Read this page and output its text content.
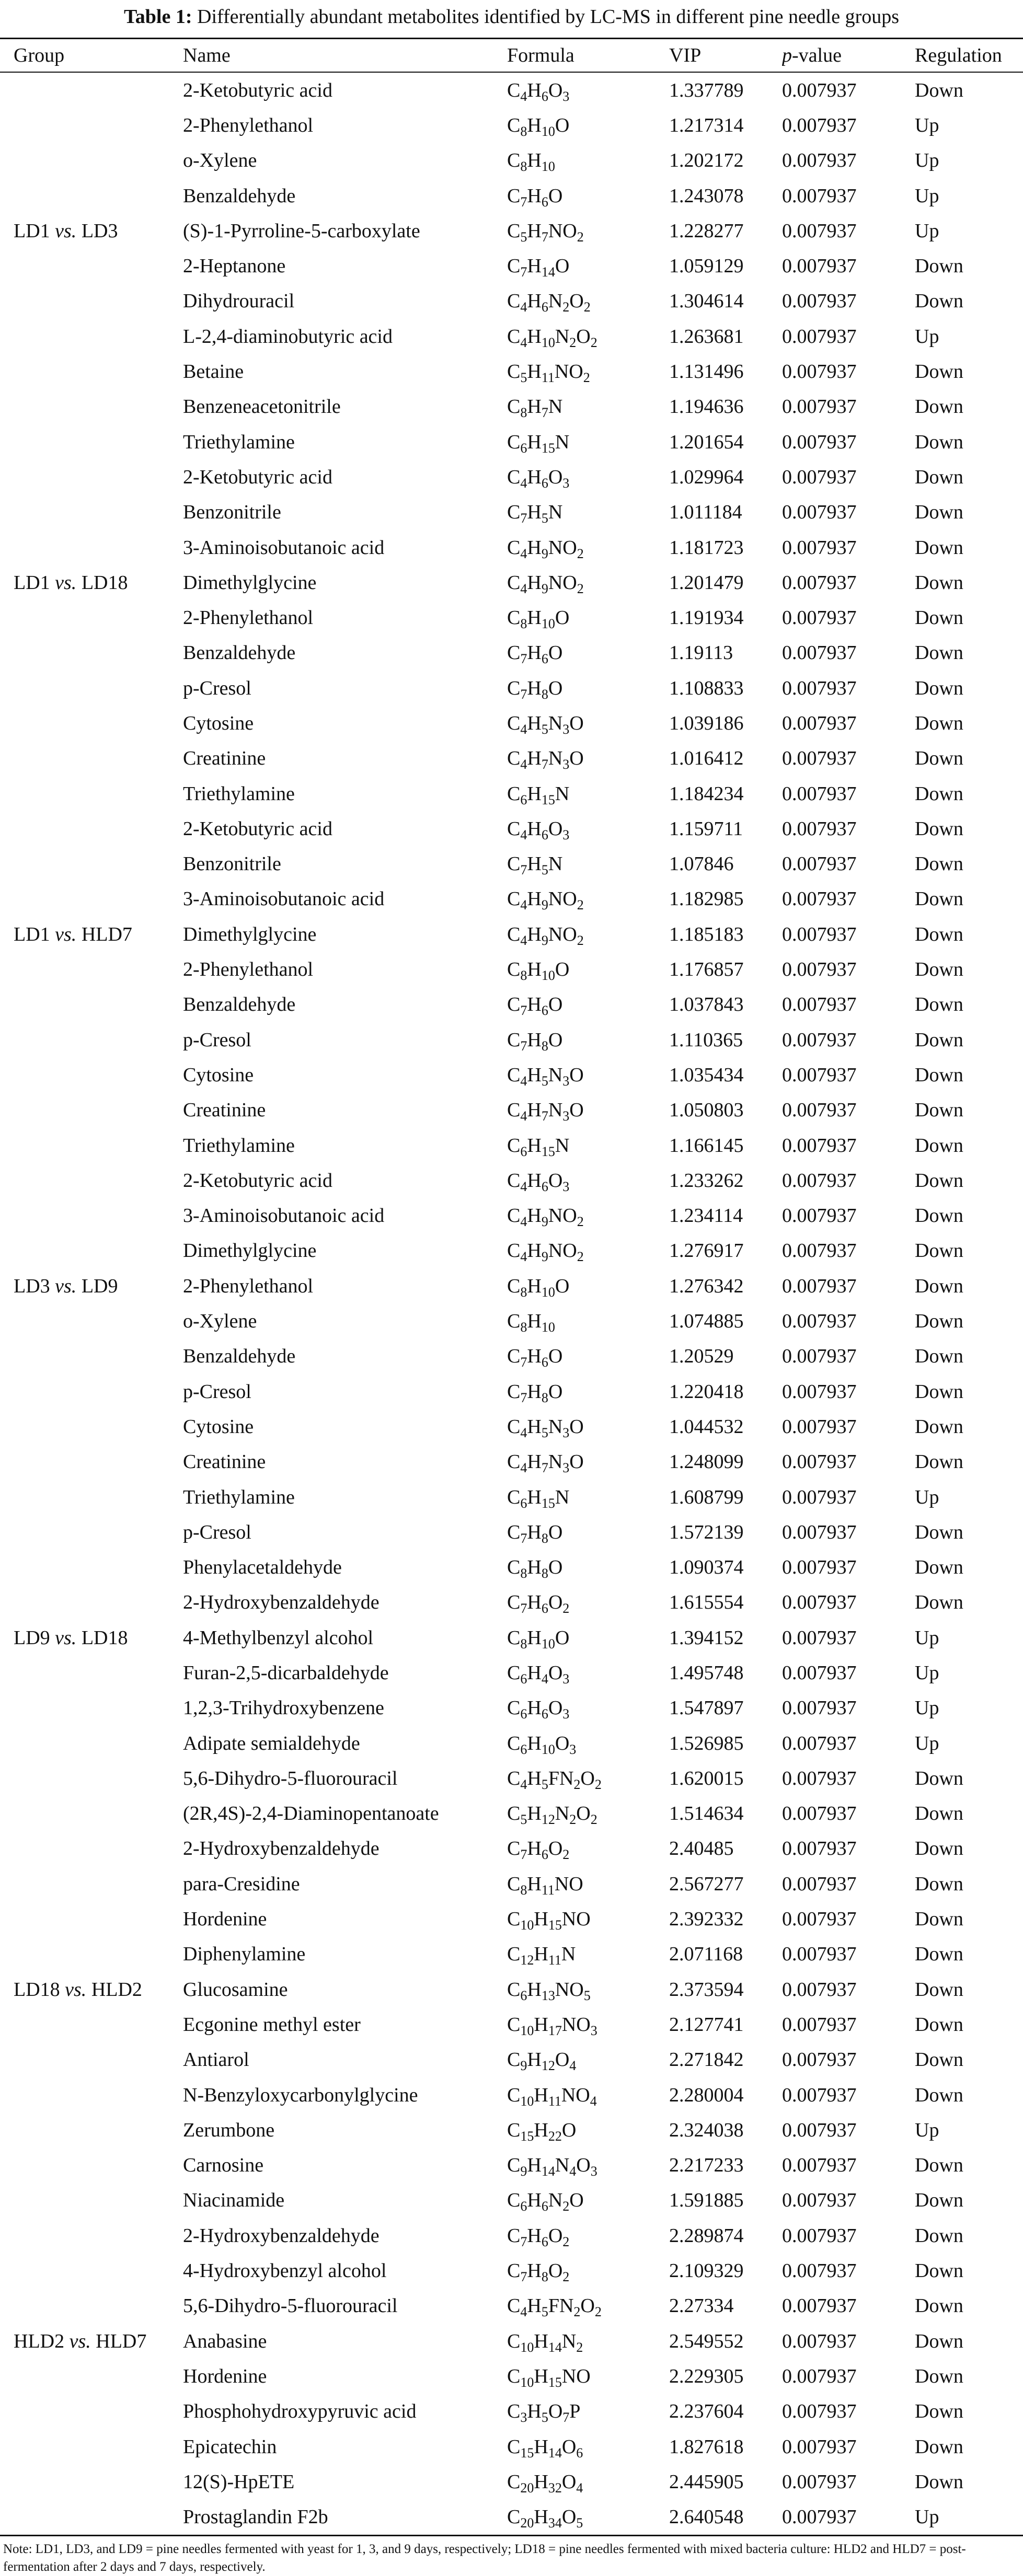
Table 1: Differentially abundant metabolites identified by LC-MS in different pine needle groups
Group	Name	Formula	VIP	p-value	Regulation
	2-Ketobutyric acid	$C_4H_6O_3$	1.337789	0.007937	Down
	2-Phenylethanol	$C_8H_{10}O$	1.217314	0.007937	Up
	o-Xylene	$C_8H_{10}$	1.202172	0.007937	Up
	Benzaldehyde	$C_7H_6O$	1.243078	0.007937	Up
LD1 vs. LD3	(S)-1-Pyrroline-5-carboxylate	$C_5H_7NO_2$	1.228277	0.007937	Up
	2-Heptanone	$C_7H_{14}O$	1.059129	0.007937	Down
	Dihydrouracil	$C_4H_6N_2O_2$	1.304614	0.007937	Down
	L-2,4-diaminobutyric acid	$C_4H_{10}N_2O_2$	1.263681	0.007937	Up
	Betaine	$C_5H_{11}NO_2$	1.131496	0.007937	Down
	Benzeneacetonitrile	$C_8H_7N$	1.194636	0.007937	Down
	Triethylamine	$C_6H_{15}N$	1.201654	0.007937	Down
	2-Ketobutyric acid	$C_4H_6O_3$	1.029964	0.007937	Down
	Benzonitrile	$C_7H_5N$	1.011184	0.007937	Down
	3-Aminoisobutanoic acid	$C_4H_9NO_2$	1.181723	0.007937	Down
LD1 vs. LD18	Dimethylglycine	$C_4H_9NO_2$	1.201479	0.007937	Down
	2-Phenylethanol	$C_8H_{10}O$	1.191934	0.007937	Down
	Benzaldehyde	$C_7H_6O$	1.19113	0.007937	Down
	p-Cresol	$C_7H_8O$	1.108833	0.007937	Down
	Cytosine	$C_4H_5N_3O$	1.039186	0.007937	Down
	Creatinine	$C_4H_7N_3O$	1.016412	0.007937	Down
	Triethylamine	$C_6H_{15}N$	1.184234	0.007937	Down
	2-Ketobutyric acid	$C_4H_6O_3$	1.159711	0.007937	Down
	Benzonitrile	$C_7H_5N$	1.07846	0.007937	Down
	3-Aminoisobutanoic acid	$C_4H_9NO_2$	1.182985	0.007937	Down
LD1 vs. HLD7	Dimethylglycine	$C_4H_9NO_2$	1.185183	0.007937	Down
	2-Phenylethanol	$C_8H_{10}O$	1.176857	0.007937	Down
	Benzaldehyde	$C_7H_6O$	1.037843	0.007937	Down
	p-Cresol	$C_7H_8O$	1.110365	0.007937	Down
	Cytosine	$C_4H_5N_3O$	1.035434	0.007937	Down
	Creatinine	$C_4H_7N_3O$	1.050803	0.007937	Down
	Triethylamine	$C_6H_{15}N$	1.166145	0.007937	Down
	2-Ketobutyric acid	$C_4H_6O_3$	1.233262	0.007937	Down
	3-Aminoisobutanoic acid	$C_4H_9NO_2$	1.234114	0.007937	Down
	Dimethylglycine	$C_4H_9NO_2$	1.276917	0.007937	Down
LD3 vs. LD9	2-Phenylethanol	$C_8H_{10}O$	1.276342	0.007937	Down
	o-Xylene	$C_8H_{10}$	1.074885	0.007937	Down
	Benzaldehyde	$C_7H_6O$	1.20529	0.007937	Down
	p-Cresol	$C_7H_8O$	1.220418	0.007937	Down
	Cytosine	$C_4H_5N_3O$	1.044532	0.007937	Down
	Creatinine	$C_4H_7N_3O$	1.248099	0.007937	Down
	Triethylamine	$C_6H_{15}N$	1.608799	0.007937	Up
	p-Cresol	$C_7H_8O$	1.572139	0.007937	Down
	Phenylacetaldehyde	$C_8H_8O$	1.090374	0.007937	Down
	2-Hydroxybenzaldehyde	$C_7H_6O_2$	1.615554	0.007937	Down
LD9 vs. LD18	4-Methylbenzyl alcohol	$C_8H_{10}O$	1.394152	0.007937	Up
	Furan-2,5-dicarbaldehyde	$C_6H_4O_3$	1.495748	0.007937	Up
	1,2,3-Trihydroxybenzene	$C_6H_6O_3$	1.547897	0.007937	Up
	Adipate semialdehyde	$C_6H_{10}O_3$	1.526985	0.007937	Up
	5,6-Dihydro-5-fluorouracil	$C_4H_5FN_2O_2$	1.620015	0.007937	Down
	(2R,4S)-2,4-Diaminopentanoate	$C_5H_{12}N_2O_2$	1.514634	0.007937	Down
	2-Hydroxybenzaldehyde	$C_7H_6O_2$	2.40485	0.007937	Down
	para-Cresidine	$C_8H_{11}NO$	2.567277	0.007937	Down
	Hordenine	$C_{10}H_{15}NO$	2.392332	0.007937	Down
	Diphenylamine	$C_{12}H_{11}N$	2.071168	0.007937	Down
LD18 vs. HLD2	Glucosamine	$C_6H_{13}NO_5$	2.373594	0.007937	Down
	Ecgonine methyl ester	$C_{10}H_{17}NO_3$	2.127741	0.007937	Down
	Antiarol	$C_9H_{12}O_4$	2.271842	0.007937	Down
	N-Benzyloxycarbonylglycine	$C_{10}H_{11}NO_4$	2.280004	0.007937	Down
	Zerumbone	$C_{15}H_{22}O$	2.324038	0.007937	Up
	Carnosine	$C_9H_{14}N_4O_3$	2.217233	0.007937	Down
	Niacinamide	$C_6H_6N_2O$	1.591885	0.007937	Down
	2-Hydroxybenzaldehyde	$C_7H_6O_2$	2.289874	0.007937	Down
	4-Hydroxybenzyl alcohol	$C_7H_8O_2$	2.109329	0.007937	Down
	5,6-Dihydro-5-fluorouracil	$C_4H_5FN_2O_2$	2.27334	0.007937	Down
HLD2 vs. HLD7	Anabasine	$C_{10}H_{14}N_2$	2.549552	0.007937	Down
	Hordenine	$C_{10}H_{15}NO$	2.229305	0.007937	Down
	Phosphohydroxypyruvic acid	$C_3H_5O_7P$	2.237604	0.007937	Down
	Epicatechin	$C_{15}H_{14}O_6$	1.827618	0.007937	Down
	12(S)-HpETE	$C_{20}H_{32}O_4$	2.445905	0.007937	Down
	Prostaglandin F2b	$C_{20}H_{34}O_5$	2.640548	0.007937	Up
Note: LD1, LD3, and LD9 = pine needles fermented with yeast for 1, 3, and 9 days, respectively; LD18 = pine needles fermented with mixed bacteria culture: HLD2 and HLD7 = post-fermentation after 2 days and 7 days, respectively.
